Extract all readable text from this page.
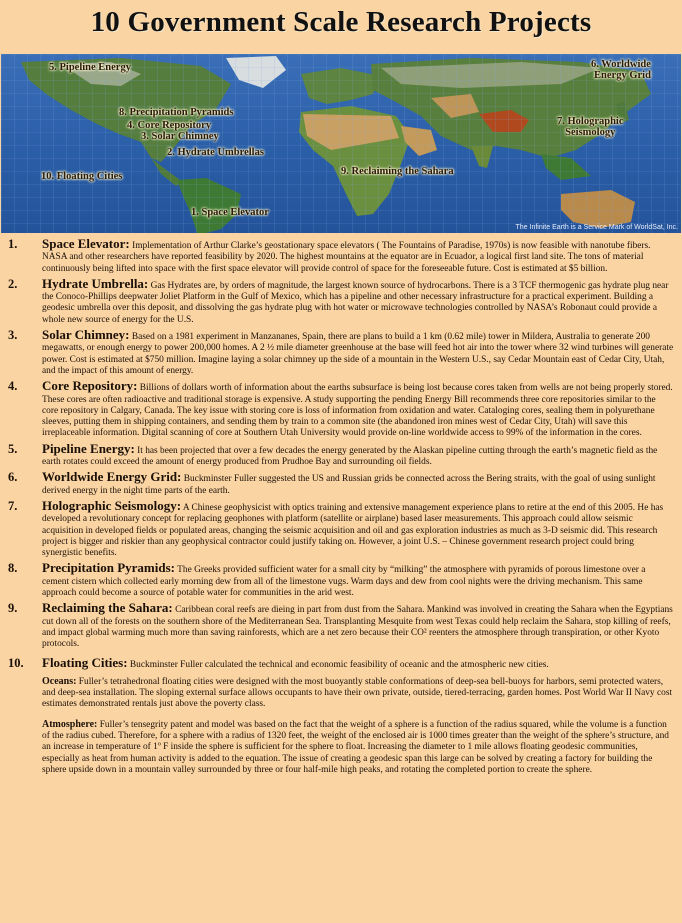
10 Government Scale Research Projects
5. Pipeline Energy	6. Worldwide
Energy Grid
8. Precipitation Pyramids
4. Core Repository
3. Solar Chimney
2. Hydrate Umbrellas
7. Holographic
Seismology
10. Floating Cities	9. Reclaiming the Sahara
1. Space Elevator
The Infinite Earth is a Service Mark of WorldSat, Inc.
1. Space Elevator: Implementation of Arthur Clarke’s geostationary space elevators ( The Fountains of Paradise, 1970s) is now feasible with nanotube fibers. NASA and other researchers have reported feasibility by 2020. The highest mountains at the equator are in Ecuador, a logical first land site. The tons of material continuously being lifted into space with the first space elevator will provide control of space for the foreseeable future. Cost is estimated at $5 billion.
2. Hydrate Umbrella: Gas Hydrates are, by orders of magnitude, the largest known source of hydrocarbons. There is a 3 TCF thermogenic gas hydrate plug near the Conoco-Phillips deepwater Joliet Platform in the Gulf of Mexico, which has a pipeline and other necessary infrastructure for a practical experiment. Building a geodesic umbrella over this deposit, and dissolving the gas hydrate plug with hot water or microwave technologies controlled by NASA’s Robonaut could provide a whole new source of energy for the U.S.
3. Solar Chimney: Based on a 1981 experiment in Manzananes, Spain, there are plans to build a 1 km (0.62 mile) tower in Mildera, Australia to generate 200 megawatts, or enough energy to power 200,000 homes. A 2 ½ mile diameter greenhouse at the base will feed hot air into the tower where 32 wind turbines will generate power. Cost is estimated at $750 million. Imagine laying a solar chimney up the side of a mountain in the Western U.S., say Cedar Mountain east of Cedar City, Utah, and the impact of this amount of energy.
4. Core Repository: Billions of dollars worth of information about the earths subsurface is being lost because cores taken from wells are not being properly stored. These cores are often radioactive and traditional storage is expensive. A study supporting the pending Energy Bill recommends three core repositories similar to the core repository in Calgary, Canada. The key issue with storing core is loss of information from oxidation and water. Cataloging cores, sealing them in polyurethane sleeves, putting them in shipping containers, and sending them by train to a common site (the abandoned iron mines west of Cedar City, Utah) will save this irreplaceable information. Digital scanning of core at Southern Utah University would provide on-line worldwide access to 99% of the information in the cores.
5. Pipeline Energy: It has been projected that over a few decades the energy generated by the Alaskan pipeline cutting through the earth’s magnetic field as the earth rotates could exceed the amount of energy produced from Prudhoe Bay and surrounding oil fields.
6. Worldwide Energy Grid: Buckminster Fuller suggested the US and Russian grids be connected across the Bering straits, with the goal of using sunlight derived energy in the night time parts of the earth.
7. Holographic Seismology: A Chinese geophysicist with optics training and extensive management experience plans to retire at the end of this 2005. He has developed a revolutionary concept for replacing geophones with platform (satellite or airplane) based laser measurements. This approach could allow seismic acquisition in developed fields or populated areas, changing the seismic acquisition and oil and gas exploration industries as much as 3-D seismic did. This research project is bigger and riskier than any geophysical contractor could justify taking on. However, a joint U.S. – Chinese government research project could bring synergistic benefits.
8. Precipitation Pyramids: The Greeks provided sufficient water for a small city by “milking” the atmosphere with pyramids of porous limestone over a cement cistern which collected early morning dew from all of the limestone vugs. Warm days and dew from cool nights were the driving mechanism. This same approach could become a source of potable water for communities in the arid west.
9. Reclaiming the Sahara: Caribbean coral reefs are dieing in part from dust from the Sahara. Mankind was involved in creating the Sahara when the Egyptians cut down all of the forests on the southern shore of the Mediterranean Sea. Transplanting Mesquite from west Texas could help reclaim the Sahara, stop killing of reefs, and impact global warming much more than saving rainforests, which are a net zero because their CO² reenters the atmosphere through transpiration, or other Kyoto protocols.
10. Floating Cities: Buckminster Fuller calculated the technical and economic feasibility of oceanic and the atmospheric new cities.
Oceans: Fuller’s tetrahedronal floating cities were designed with the most buoyantly stable conformations of deep-sea bell-buoys for harbors, semi protected waters, and deep-sea installation. The sloping external surface allows occupants to have their own private, outside, tiered-terracing, garden homes. Post World War II Navy cost estimates demonstrated rentals just above the poverty class.
Atmosphere: Fuller’s tensegrity patent and model was based on the fact that the weight of a sphere is a function of the radius squared, while the volume is a function of the radius cubed. Therefore, for a sphere with a radius of 1320 feet, the weight of the enclosed air is 1000 times greater than the weight of the sphere’s structure, and an increase in temperature of 1º F inside the sphere is sufficient for the sphere to float. Increasing the diameter to 1 mile allows floating geodesic communities, especially as heat from human activity is added to the equation. The issue of creating a geodesic span this large can be solved by creating a factory for building the sphere upside down in a mountain valley surrounded by three or four half-mile high peaks, and rotating the completed portion to create the sphere.
